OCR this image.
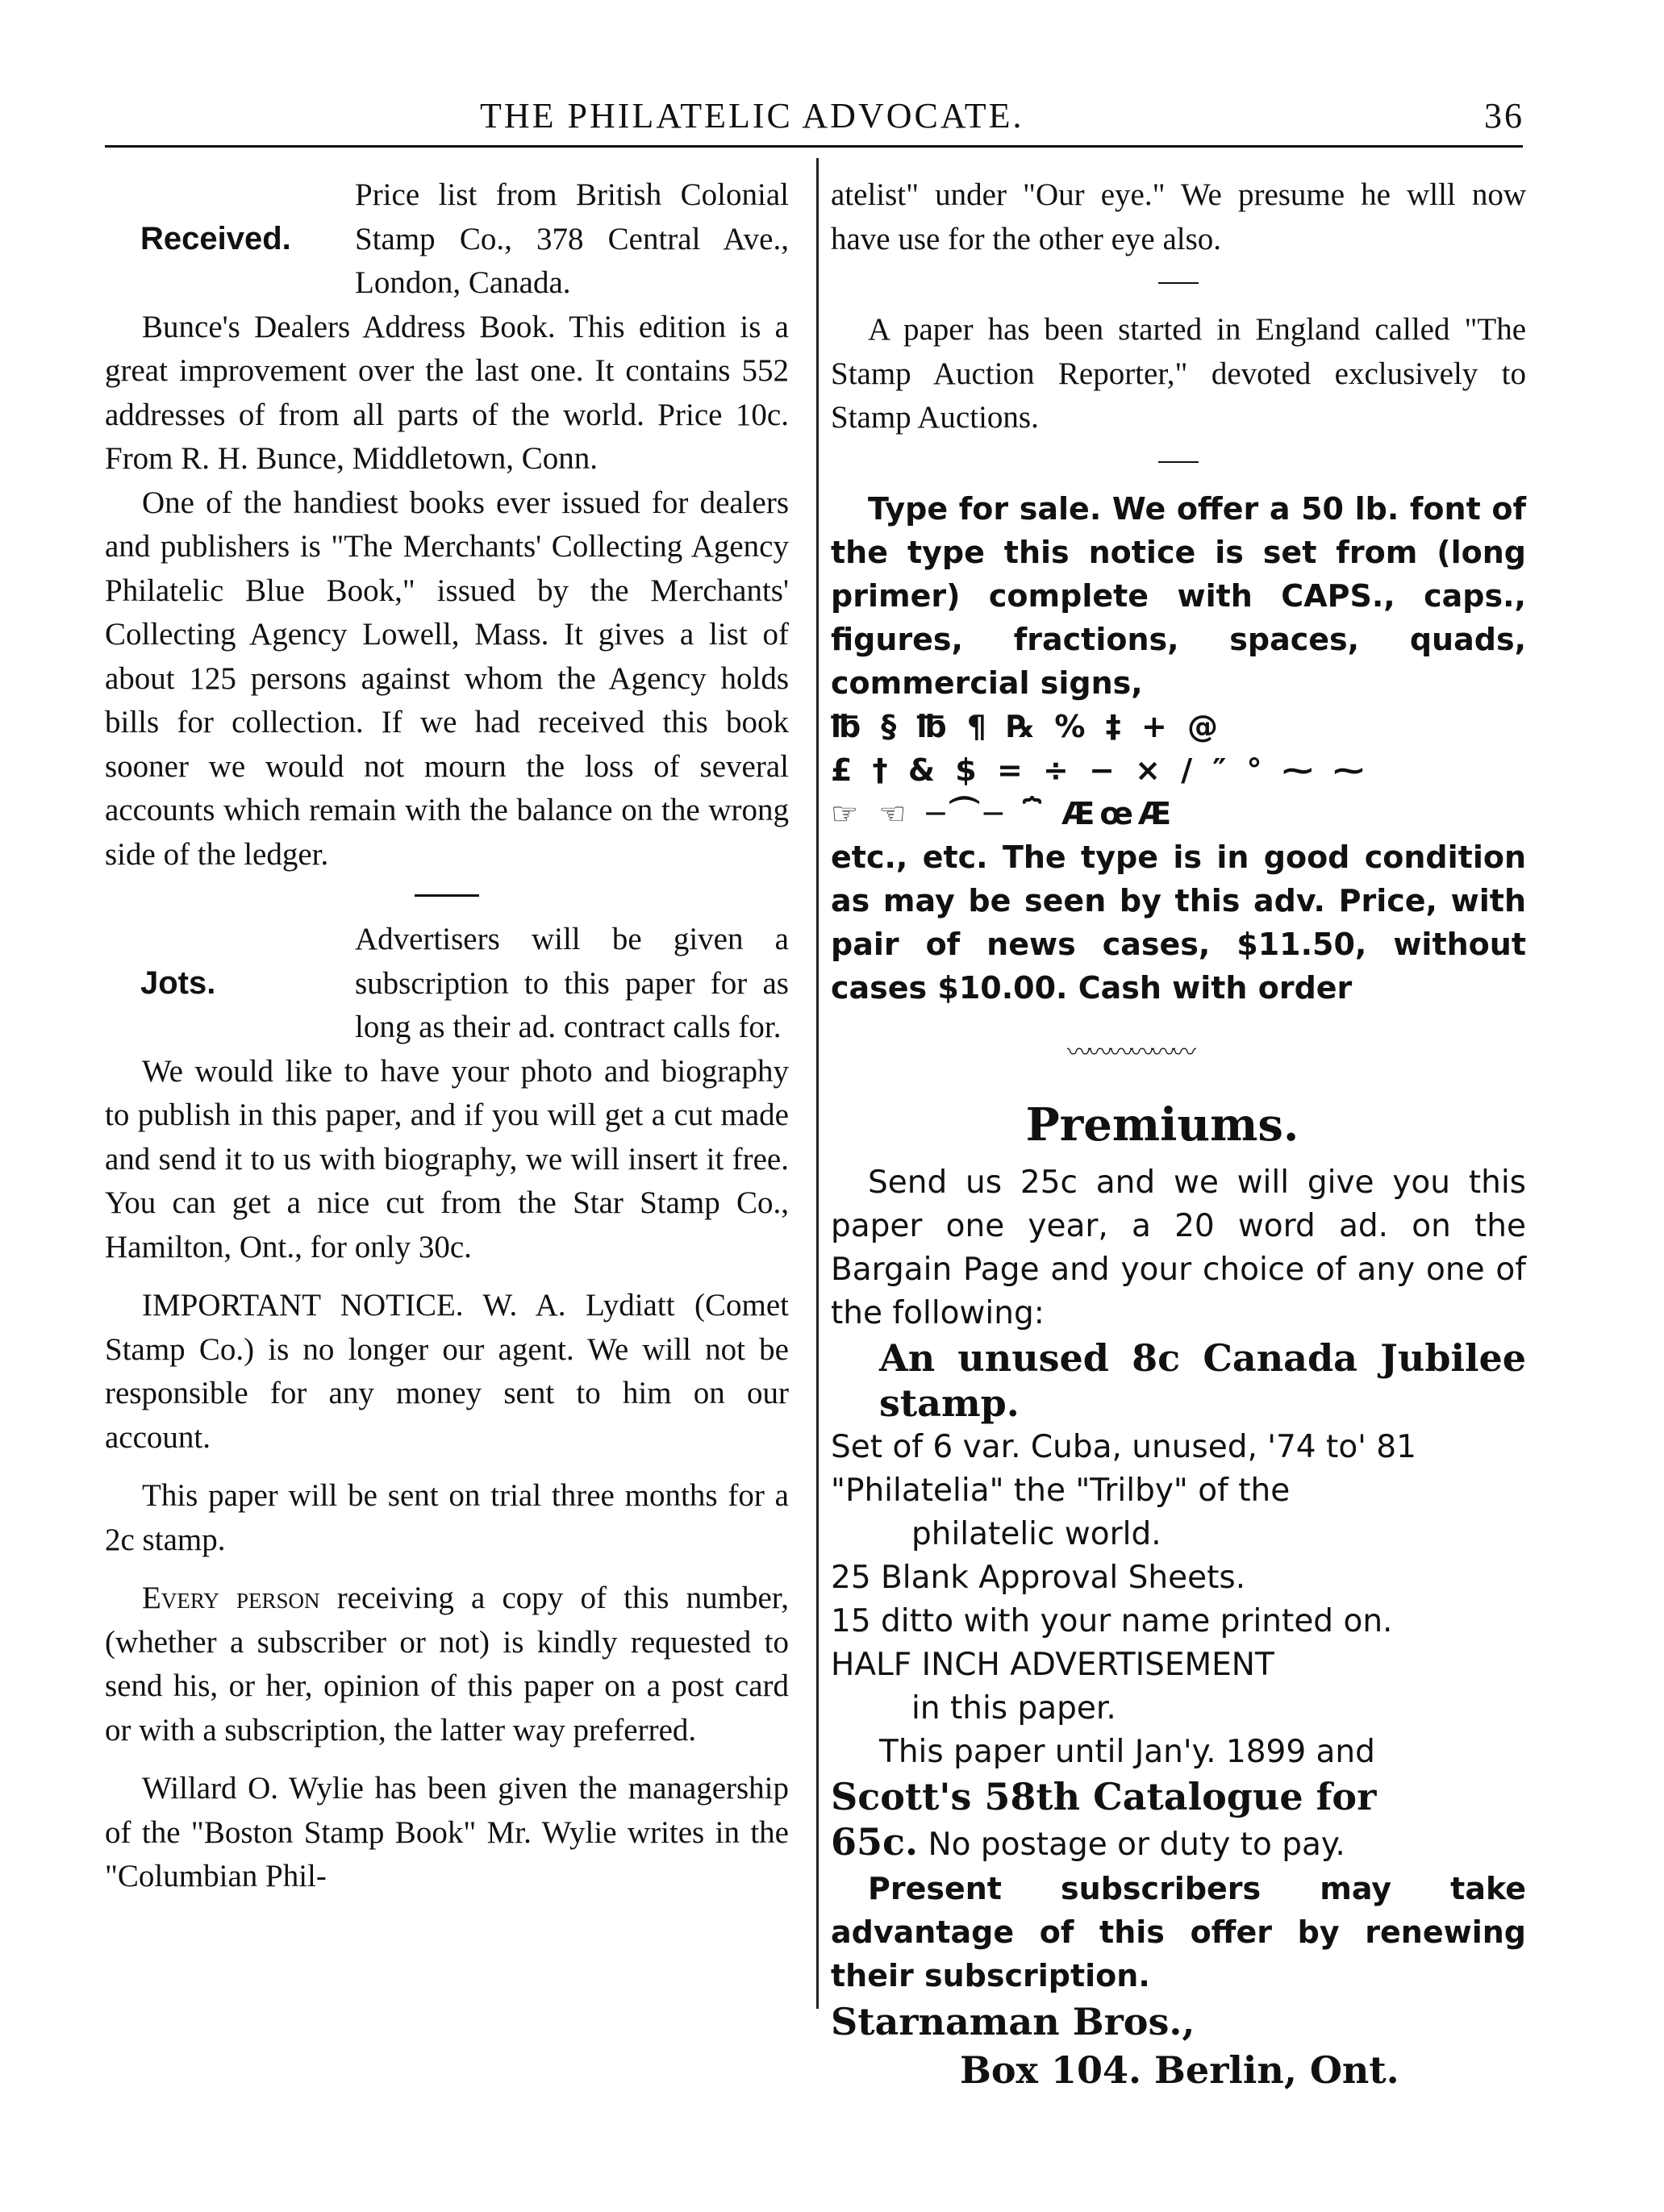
THE PHILATELIC ADVOCATE.	36
Received.

Price list from British Colonial Stamp Co., 378 Central Ave., London, Canada.

Bunce's Dealers Address Book. This edition is a great improvement over the last one. It contains 552 addresses of from all parts of the world. Price 10c. From R. H. Bunce, Middletown, Conn.

One of the handiest books ever issued for dealers and publishers is "The Merchants' Collecting Agency Philatelic Blue Book," issued by the Merchants' Collecting Agency Lowell, Mass. It gives a list of about 125 persons against whom the Agency holds bills for collection. If we had received this book sooner we would not mourn the loss of several accounts which remain with the balance on the wrong side of the ledger.

Jots.

Advertisers will be given a subscription to this paper for as long as their ad. contract calls for.

We would like to have your photo and biography to publish in this paper, and if you will get a cut made and send it to us with biography, we will insert it free. You can get a nice cut from the Star Stamp Co., Hamilton, Ont., for only 30c.

IMPORTANT NOTICE. W. A. Lydiatt (Comet Stamp Co.) is no longer our agent. We will not be responsible for any money sent to him on our account.

This paper will be sent on trial three months for a 2c stamp.

Every person receiving a copy of this number, (whether a subscriber or not) is kindly requested to send his, or her, opinion of this paper on a post card or with a subscription, the latter way preferred.

Willard O. Wylie has been given the managership of the "Boston Stamp Book" Mr. Wylie writes in the "Columbian Phil-

atelist" under "Our eye." We presume he wlll now have use for the other eye also.

A paper has been started in England called "The Stamp Auction Reporter," devoted exclusively to Stamp Auctions.

Type for sale. We offer a 50 lb. font of the type this notice is set from (long primer) complete with CAPS., caps., figures, fractions, spaces, quads, commercial signs,

℔ § ℔ ¶ ℞ % ‡ + @
£ † & $ = ÷ − × / ″ ° ⁓ ⁓
☞ ☜ ─⏜─ ⏞ ÆœÆ

etc., etc. The type is in good condition as may be seen by this adv. Price, with pair of news cases, $11.50, without cases $10.00. Cash with order

〰〰〰〰〰〰
Premiums.

Send us 25c and we will give you this paper one year, a 20 word ad. on the Bargain Page and your choice of any one of the following:

An unused 8c Canada Jubilee stamp.

Set of 6 var. Cuba, unused, '74 to' 81

"Philatelia" the "Trilby" of the

philatelic world.

25 Blank Approval Sheets.

15 ditto with your name printed on.

HALF INCH ADVERTISEMENT

in this paper.

This paper until Jan'y. 1899 and

Scott's 58th Catalogue for

65c. No postage or duty to pay.

Present subscribers may take advantage of this offer by renewing their subscription.

Starnaman Bros.,
Box 104. Berlin, Ont.
